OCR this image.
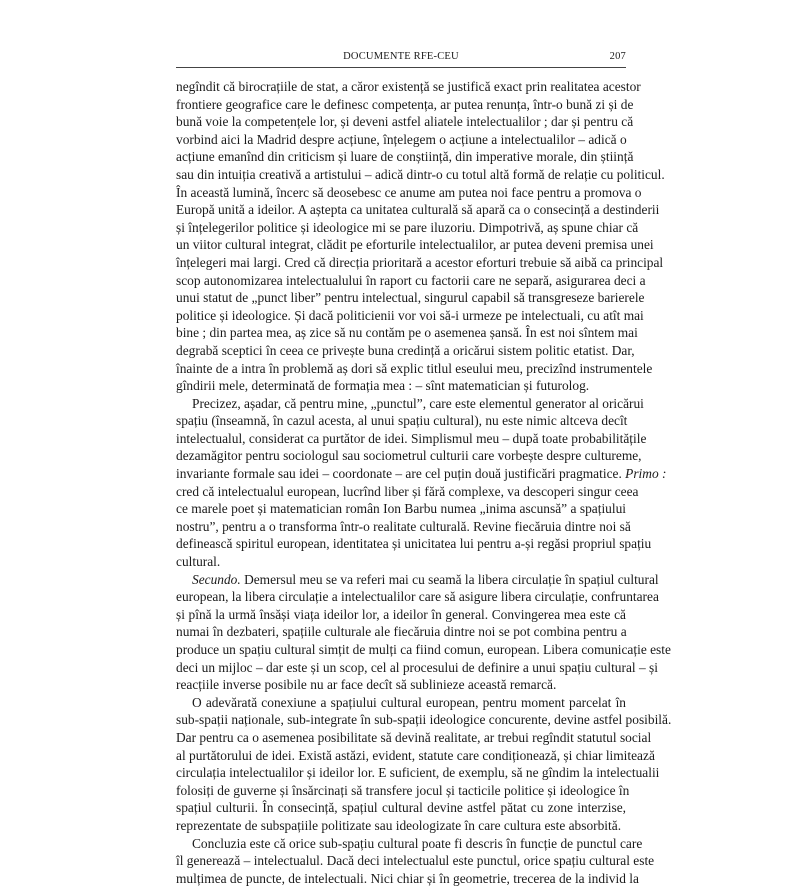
DOCUMENTE RFE-CEU	207

negîndit că birocrațiile de stat, a căror existență se justifică exact prin realitatea acestor
frontiere geografice care le definesc competența, ar putea renunța, într-o bună zi și de
bună voie la competențele lor, și deveni astfel aliatele intelectualilor ; dar și pentru că
vorbind aici la Madrid despre acțiune, înțelegem o acțiune a intelectualilor – adică o
acțiune emanînd din criticism și luare de conștiință, din imperative morale, din știință
sau din intuiția creativă a artistului – adică dintr-o cu totul altă formă de relație cu politicul.
În această lumină, încerc să deosebesc ce anume am putea noi face pentru a promova o
Europă unită a ideilor. A aștepta ca unitatea culturală să apară ca o consecință a destinderii
și înțelegerilor politice și ideologice mi se pare iluzoriu. Dimpotrivă, aș spune chiar că
un viitor cultural integrat, clădit pe eforturile intelectualilor, ar putea deveni premisa unei
înțelegeri mai largi. Cred că direcția prioritară a acestor eforturi trebuie să aibă ca principal
scop autonomizarea intelectualului în raport cu factorii care ne separă, asigurarea deci a
unui statut de „punct liber” pentru intelectual, singurul capabil să transgreseze barierele
politice și ideologice. Și dacă politicienii vor voi să-i urmeze pe intelectuali, cu atît mai
bine ; din partea mea, aș zice să nu contăm pe o asemenea șansă. În est noi sîntem mai
degrabă sceptici în ceea ce privește buna credință a oricărui sistem politic etatist. Dar,
înainte de a intra în problemă aș dori să explic titlul eseului meu, precizînd instrumentele
gîndirii mele, determinată de formația mea : – sînt matematician și futurolog.

Precizez, așadar, că pentru mine, „punctul”, care este elementul generator al oricărui
spațiu (înseamnă, în cazul acesta, al unui spațiu cultural), nu este nimic altceva decît
intelectualul, considerat ca purtător de idei. Simplismul meu – după toate probabilitățile
dezamăgitor pentru sociologul sau sociometrul culturii care vorbește despre cultureme,
invariante formale sau idei – coordonate – are cel puțin două justificări pragmatice. Primo :
cred că intelectualul european, lucrînd liber și fără complexe, va descoperi singur ceea
ce marele poet și matematician român Ion Barbu numea „inima ascunsă” a spațiului
nostru”, pentru a o transforma într-o realitate culturală. Revine fiecăruia dintre noi să
definească spiritul european, identitatea și unicitatea lui pentru a-și regăsi propriul spațiu
cultural.

Secundo. Demersul meu se va referi mai cu seamă la libera circulație în spațiul cultural
european, la libera circulație a intelectualilor care să asigure libera circulație, confruntarea
și pînă la urmă însăși viața ideilor lor, a ideilor în general. Convingerea mea este că
numai în dezbateri, spațiile culturale ale fiecăruia dintre noi se pot combina pentru a
produce un spațiu cultural simțit de mulți ca fiind comun, european. Libera comunicație este
deci un mijloc – dar este și un scop, cel al procesului de definire a unui spațiu cultural – și
reacțiile inverse posibile nu ar face decît să sublinieze această remarcă.

O adevărată conexiune a spațiului cultural european, pentru moment parcelat în
sub-spații naționale, sub-integrate în sub-spații ideologice concurente, devine astfel posibilă.
Dar pentru ca o asemenea posibilitate să devină realitate, ar trebui regîndit statutul social
al purtătorului de idei. Există astăzi, evident, statute care condiționează, și chiar limitează
circulația intelectualilor și ideilor lor. E suficient, de exemplu, să ne gîndim la intelectualii
folosiți de guverne și însărcinați să transfere jocul și tacticile politice și ideologice în
spațiul culturii. În consecință, spațiul cultural devine astfel pătat cu zone interzise,
reprezentate de subspațiile politizate sau ideologizate în care cultura este absorbită.

Concluzia este că orice sub-spațiu cultural poate fi descris în funcție de punctul care
îl generează – intelectualul. Dacă deci intelectualul este punctul, orice spațiu cultural este
mulțimea de puncte, de intelectuali. Nici chiar și în geometrie, trecerea de la individ la
